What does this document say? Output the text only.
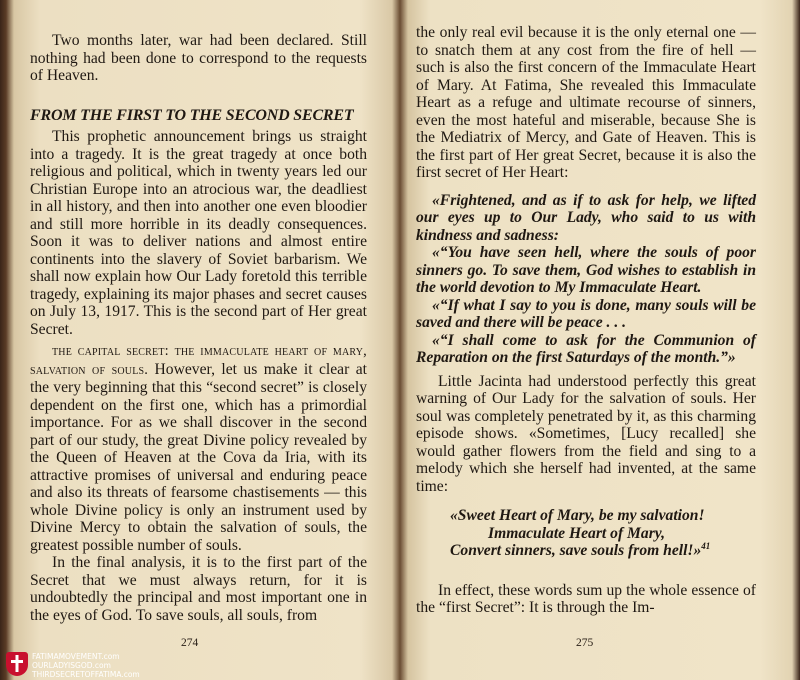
Two months later, war had been declared. Still nothing had been done to correspond to the requests of Heaven.

FROM THE FIRST TO THE SECOND SECRET

This prophetic announcement brings us straight into a tragedy. It is the great tragedy at once both religious and political, which in twenty years led our Christian Europe into an atrocious war, the deadliest in all history, and then into another one even bloodier and still more horrible in its deadly consequences. Soon it was to deliver nations and almost entire continents into the slavery of Soviet barbarism. We shall now explain how Our Lady foretold this terrible tragedy, explaining its major phases and secret causes on July 13, 1917. This is the second part of Her great Secret.

the capital secret: the immaculate heart of mary, salvation of souls. However, let us make it clear at the very beginning that this “second secret” is closely dependent on the first one, which has a primordial importance. For as we shall discover in the second part of our study, the great Divine policy revealed by the Queen of Heaven at the Cova da Iria, with its attractive promises of universal and enduring peace and also its threats of fearsome chastisements — this whole Divine policy is only an instrument used by Divine Mercy to obtain the salvation of souls, the greatest possible number of souls.

In the final analysis, it is to the first part of the Secret that we must always return, for it is undoubtedly the principal and most important one in the eyes of God. To save souls, all souls, from

274

the only real evil because it is the only eternal one — to snatch them at any cost from the fire of hell — such is also the first concern of the Immaculate Heart of Mary. At Fatima, She revealed this Immaculate Heart as a refuge and ultimate recourse of sinners, even the most hateful and miserable, because She is the Mediatrix of Mercy, and Gate of Heaven. This is the first part of Her great Secret, because it is also the first secret of Her Heart:

«Frightened, and as if to ask for help, we lifted our eyes up to Our Lady, who said to us with kindness and sadness:

«“You have seen hell, where the souls of poor sinners go. To save them, God wishes to establish in the world devotion to My Immaculate Heart.

«“If what I say to you is done, many souls will be saved and there will be peace . . .

«“I shall come to ask for the Communion of Reparation on the first Saturdays of the month.”»

Little Jacinta had understood perfectly this great warning of Our Lady for the salvation of souls. Her soul was completely penetrated by it, as this charming episode shows. «Sometimes, [Lucy recalled] she would gather flowers from the field and sing to a melody which she herself had invented, at the same time:

«Sweet Heart of Mary, be my salvation!
Immaculate Heart of Mary,
Convert sinners, save souls from hell!»$^{41}$

In effect, these words sum up the whole essence of the “first Secret”: It is through the Im-

275
FATIMAMOVEMENT.com
OURLADYISGOD.com
THIRDSECRETOFFATIMA.com
